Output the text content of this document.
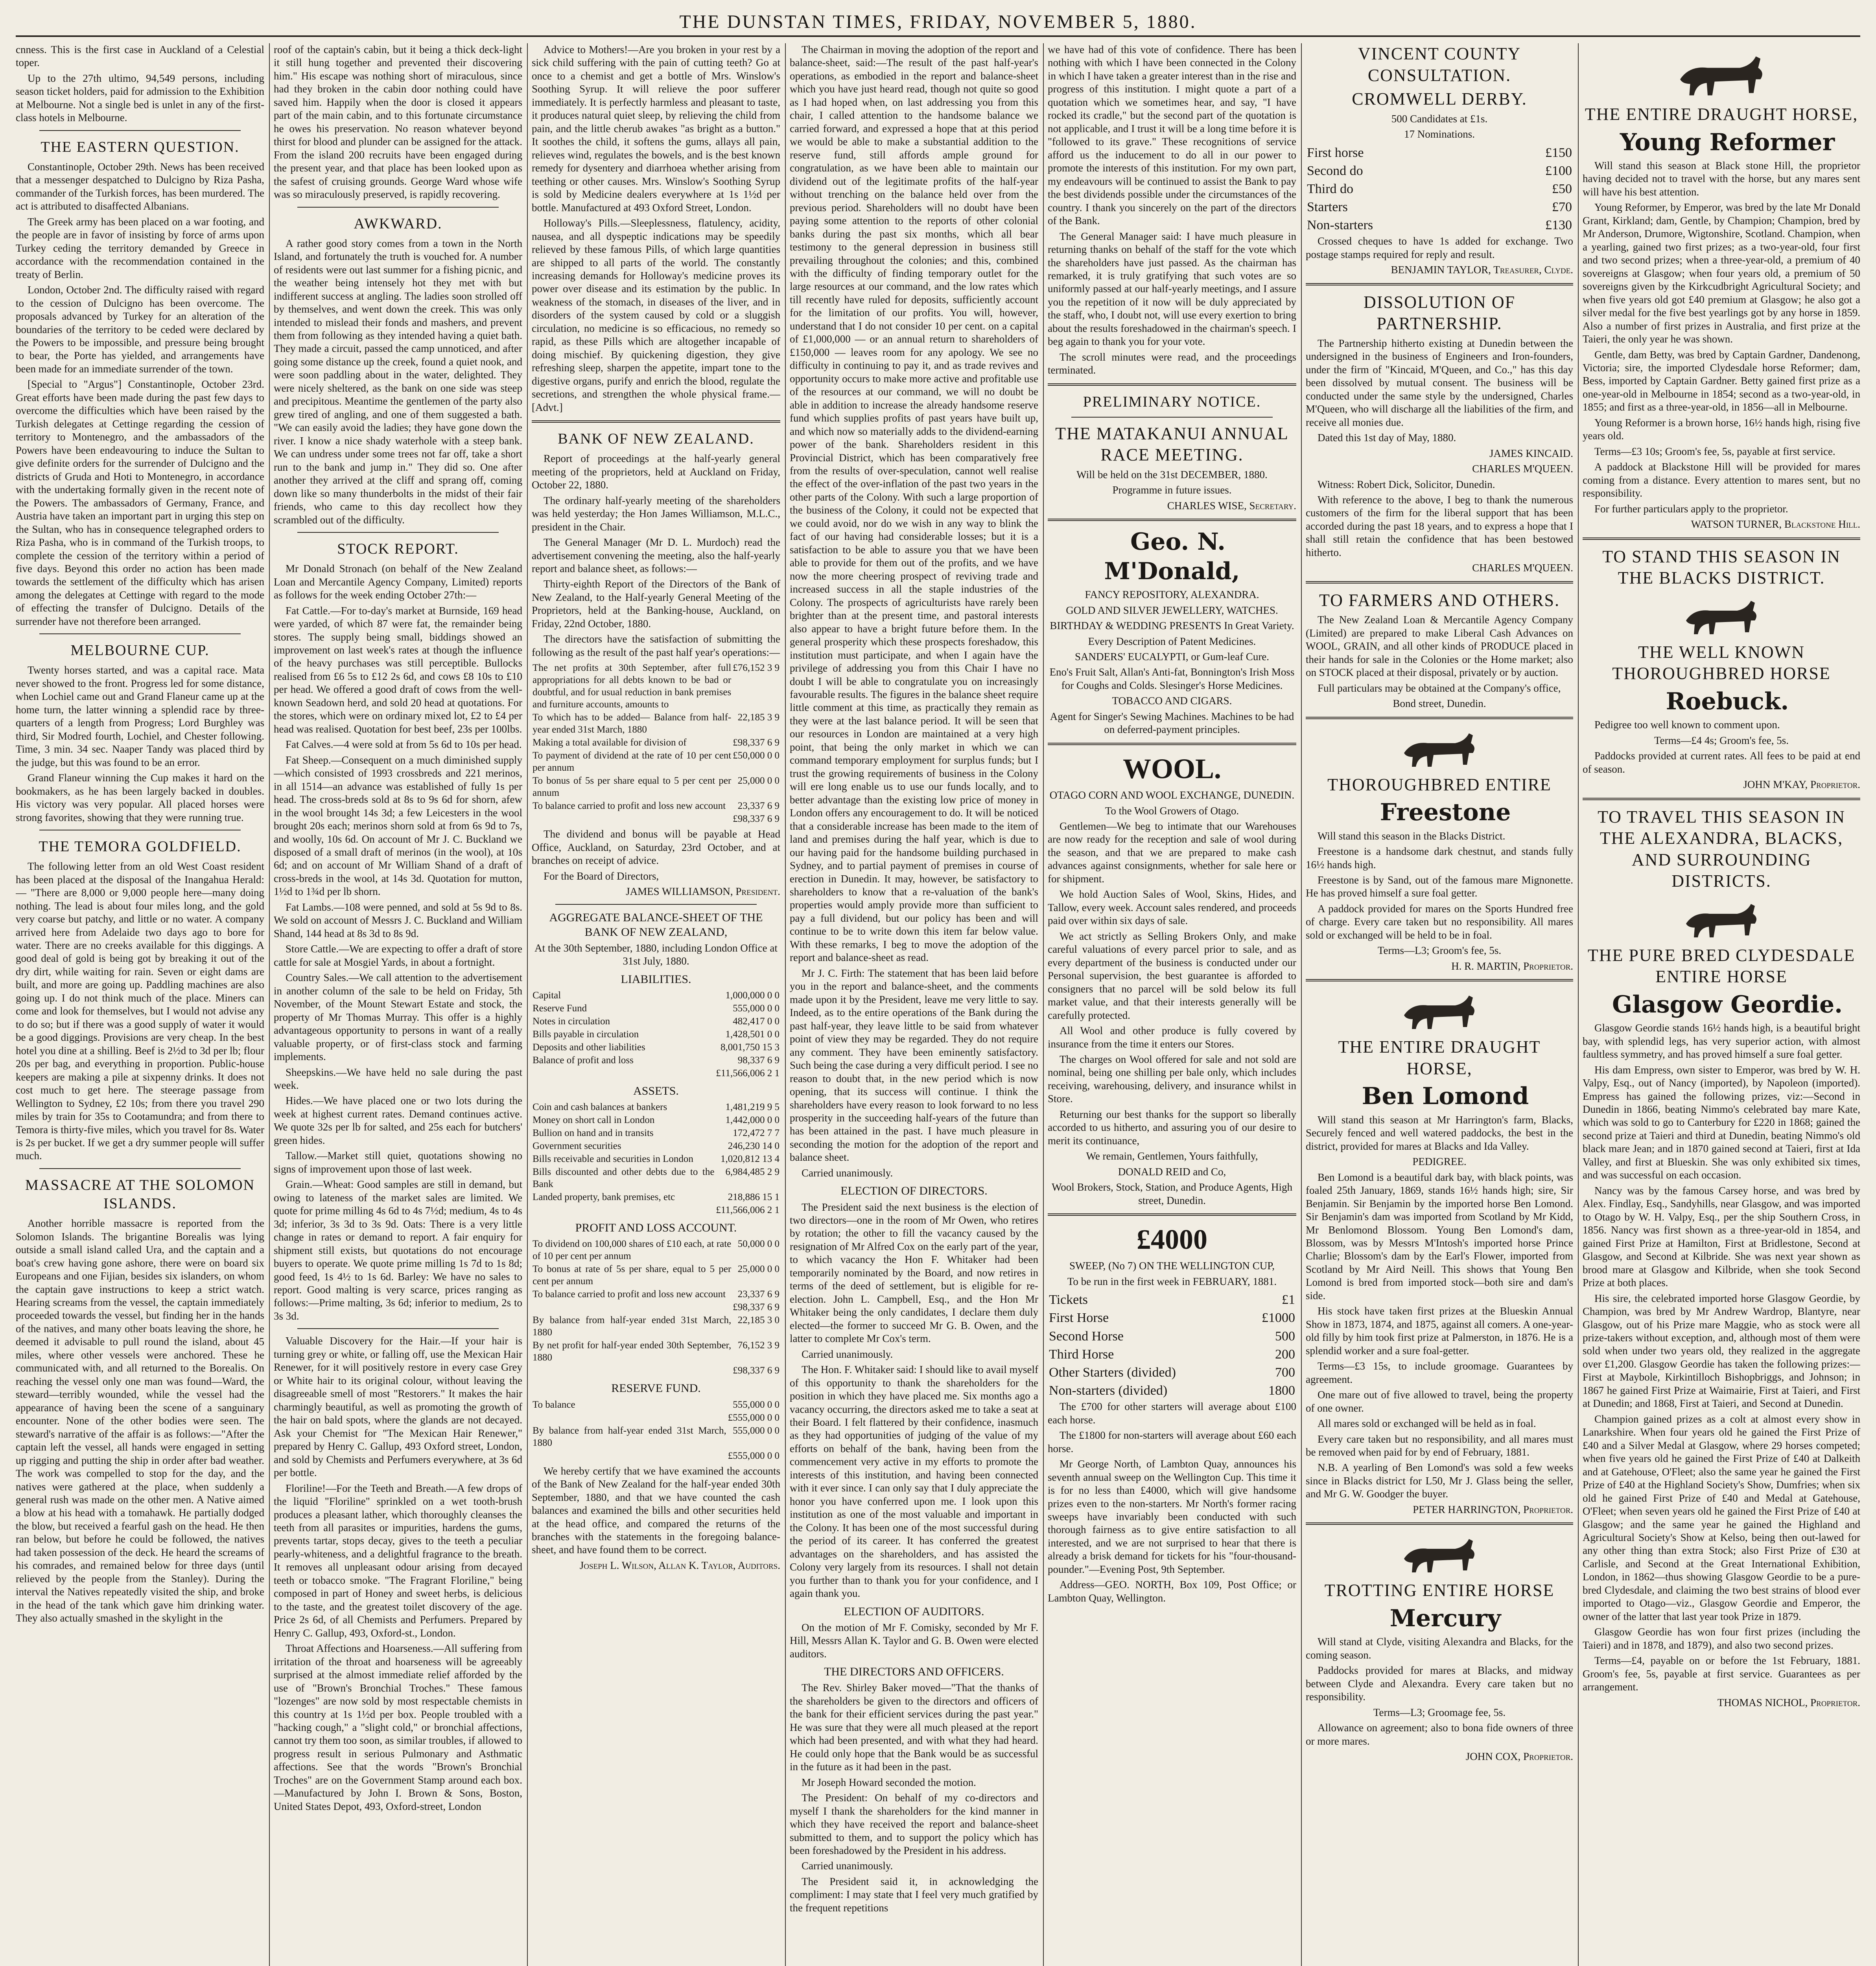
THE DUNSTAN TIMES, FRIDAY, NOVEMBER 5, 1880.

cnness. This is the first case in Auckland of a Celestial toper.

Up to the 27th ultimo, 94,549 persons, including season ticket holders, paid for admission to the Exhibition at Melbourne. Not a single bed is unlet in any of the first-class hotels in Melbourne.

THE EASTERN QUESTION.

Constantinople, October 29th. News has been received that a messenger despatched to Dulcigno by Riza Pasha, commander of the Turkish forces, has been murdered. The act is attributed to disaffected Albanians.

The Greek army has been placed on a war footing, and the people are in favor of insisting by force of arms upon Turkey ceding the territory demanded by Greece in accordance with the recommendation contained in the treaty of Berlin.

London, October 2nd. The difficulty raised with regard to the cession of Dulcigno has been overcome. The proposals advanced by Turkey for an alteration of the boundaries of the territory to be ceded were declared by the Powers to be impossible, and pressure being brought to bear, the Porte has yielded, and arrangements have been made for an immediate surrender of the town.

[Special to "Argus"] Constantinople, October 23rd. Great efforts have been made during the past few days to overcome the difficulties which have been raised by the Turkish delegates at Cettinge regarding the cession of territory to Montenegro, and the ambassadors of the Powers have been endeavouring to induce the Sultan to give definite orders for the surrender of Dulcigno and the districts of Gruda and Hoti to Montenegro, in accordance with the undertaking formally given in the recent note of the Powers. The ambassadors of Germany, France, and Austria have taken an important part in urging this step on the Sultan, who has in consequence telegraphed orders to Riza Pasha, who is in command of the Turkish troops, to complete the cession of the territory within a period of five days. Beyond this order no action has been made towards the settlement of the difficulty which has arisen among the delegates at Cettinge with regard to the mode of effecting the transfer of Dulcigno. Details of the surrender have not therefore been arranged.

MELBOURNE CUP.

Twenty horses started, and was a capital race. Mata never showed to the front. Progress led for some distance, when Lochiel came out and Grand Flaneur came up at the home turn, the latter winning a splendid race by three-quarters of a length from Progress; Lord Burghley was third, Sir Modred fourth, Lochiel, and Chester following. Time, 3 min. 34 sec. Naaper Tandy was placed third by the judge, but this was found to be an error.

Grand Flaneur winning the Cup makes it hard on the bookmakers, as he has been largely backed in doubles. His victory was very popular. All placed horses were strong favorites, showing that they were running true.

THE TEMORA GOLDFIELD.

The following letter from an old West Coast resident has been placed at the disposal of the Inangahua Herald:— "There are 8,000 or 9,000 people here—many doing nothing. The lead is about four miles long, and the gold very coarse but patchy, and little or no water. A company arrived here from Adelaide two days ago to bore for water. There are no creeks available for this diggings. A good deal of gold is being got by breaking it out of the dry dirt, while waiting for rain. Seven or eight dams are built, and more are going up. Paddling machines are also going up. I do not think much of the place. Miners can come and look for themselves, but I would not advise any to do so; but if there was a good supply of water it would be a good diggings. Provisions are very cheap. In the best hotel you dine at a shilling. Beef is 2½d to 3d per lb; flour 20s per bag, and everything in proportion. Public-house keepers are making a pile at sixpenny drinks. It does not cost much to get here. The steerage passage from Wellington to Sydney, £2 10s; from there you travel 290 miles by train for 35s to Cootamundra; and from there to Temora is thirty-five miles, which you travel for 8s. Water is 2s per bucket. If we get a dry summer people will suffer much.

MASSACRE AT THE SOLOMON ISLANDS.

Another horrible massacre is reported from the Solomon Islands. The brigantine Borealis was lying outside a small island called Ura, and the captain and a boat's crew having gone ashore, there were on board six Europeans and one Fijian, besides six islanders, on whom the captain gave instructions to keep a strict watch. Hearing screams from the vessel, the captain immediately proceeded towards the vessel, but finding her in the hands of the natives, and many other boats leaving the shore, he deemed it advisable to pull round the island, about 45 miles, where other vessels were anchored. These he communicated with, and all returned to the Borealis. On reaching the vessel only one man was found—Ward, the steward—terribly wounded, while the vessel had the appearance of having been the scene of a sanguinary encounter. None of the other bodies were seen. The steward's narrative of the affair is as follows:—"After the captain left the vessel, all hands were engaged in setting up rigging and putting the ship in order after bad weather. The work was compelled to stop for the day, and the natives were gathered at the place, when suddenly a general rush was made on the other men. A Native aimed a blow at his head with a tomahawk. He partially dodged the blow, but received a fearful gash on the head. He then ran below, but before he could be followed, the natives had taken possession of the deck. He heard the screams of his comrades, and remained below for three days (until relieved by the people from the Stanley). During the interval the Natives repeatedly visited the ship, and broke in the head of the tank which gave him drinking water. They also actually smashed in the skylight in the

roof of the captain's cabin, but it being a thick deck-light it still hung together and prevented their discovering him." His escape was nothing short of miraculous, since had they broken in the cabin door nothing could have saved him. Happily when the door is closed it appears part of the main cabin, and to this fortunate circumstance he owes his preservation. No reason whatever beyond thirst for blood and plunder can be assigned for the attack. From the island 200 recruits have been engaged during the present year, and that place has been looked upon as the safest of cruising grounds. George Ward whose wife was so miraculously preserved, is rapidly recovering.

AWKWARD.

A rather good story comes from a town in the North Island, and fortunately the truth is vouched for. A number of residents were out last summer for a fishing picnic, and the weather being intensely hot they met with but indifferent success at angling. The ladies soon strolled off by themselves, and went down the creek. This was only intended to mislead their fonds and mashers, and prevent them from following as they intended having a quiet bath. They made a circuit, passed the camp unnoticed, and after going some distance up the creek, found a quiet nook, and were soon paddling about in the water, delighted. They were nicely sheltered, as the bank on one side was steep and precipitous. Meantime the gentlemen of the party also grew tired of angling, and one of them suggested a bath. "We can easily avoid the ladies; they have gone down the river. I know a nice shady waterhole with a steep bank. We can undress under some trees not far off, take a short run to the bank and jump in." They did so. One after another they arrived at the cliff and sprang off, coming down like so many thunderbolts in the midst of their fair friends, who came to this day recollect how they scrambled out of the difficulty.

STOCK REPORT.

Mr Donald Stronach (on behalf of the New Zealand Loan and Mercantile Agency Company, Limited) reports as follows for the week ending October 27th:—

Fat Cattle.—For to-day's market at Burnside, 169 head were yarded, of which 87 were fat, the remainder being stores. The supply being small, biddings showed an improvement on last week's rates at though the influence of the heavy purchases was still perceptible. Bullocks realised from £6 5s to £12 2s 6d, and cows £8 10s to £10 per head. We offered a good draft of cows from the well-known Seadown herd, and sold 20 head at quotations. For the stores, which were on ordinary mixed lot, £2 to £4 per head was realised. Quotation for best beef, 23s per 100lbs.

Fat Calves.—4 were sold at from 5s 6d to 10s per head.

Fat Sheep.—Consequent on a much diminished supply—which consisted of 1993 crossbreds and 221 merinos, in all 1514—an advance was established of fully 1s per head. The cross-breds sold at 8s to 9s 6d for shorn, afew in the wool brought 14s 3d; a few Leicesters in the wool brought 20s each; merinos shorn sold at from 6s 9d to 7s, and woolly, 10s 6d. On account of Mr J. C. Buckland we disposed of a small draft of merinos (in the wool), at 10s 6d; and on account of Mr William Shand of a draft of cross-breds in the wool, at 14s 3d. Quotation for mutton, 1½d to 1¾d per lb shorn.

Fat Lambs.—108 were penned, and sold at 5s 9d to 8s. We sold on account of Messrs J. C. Buckland and William Shand, 144 head at 8s 3d to 8s 9d.

Store Cattle.—We are expecting to offer a draft of store cattle for sale at Mosgiel Yards, in about a fortnight.

Country Sales.—We call attention to the advertisement in another column of the sale to be held on Friday, 5th November, of the Mount Stewart Estate and stock, the property of Mr Thomas Murray. This offer is a highly advantageous opportunity to persons in want of a really valuable property, or of first-class stock and farming implements.

Sheepskins.—We have held no sale during the past week.

Hides.—We have placed one or two lots during the week at highest current rates. Demand continues active. We quote 32s per lb for salted, and 25s each for butchers' green hides.

Tallow.—Market still quiet, quotations showing no signs of improvement upon those of last week.

Grain.—Wheat: Good samples are still in demand, but owing to lateness of the market sales are limited. We quote for prime milling 4s 6d to 4s 7½d; medium, 4s to 4s 3d; inferior, 3s 3d to 3s 9d. Oats: There is a very little change in rates or demand to report. A fair enquiry for shipment still exists, but quotations do not encourage buyers to operate. We quote prime milling 1s 7d to 1s 8d; good feed, 1s 4½ to 1s 6d. Barley: We have no sales to report. Good malting is very scarce, prices ranging as follows:—Prime malting, 3s 6d; inferior to medium, 2s to 3s 3d.

Valuable Discovery for the Hair.—If your hair is turning grey or white, or falling off, use the Mexican Hair Renewer, for it will positively restore in every case Grey or White hair to its original colour, without leaving the disagreeable smell of most "Restorers." It makes the hair charmingly beautiful, as well as promoting the growth of the hair on bald spots, where the glands are not decayed. Ask your Chemist for "The Mexican Hair Renewer," prepared by Henry C. Gallup, 493 Oxford street, London, and sold by Chemists and Perfumers everywhere, at 3s 6d per bottle.

Floriline!—For the Teeth and Breath.—A few drops of the liquid "Floriline" sprinkled on a wet tooth-brush produces a pleasant lather, which thoroughly cleanses the teeth from all parasites or impurities, hardens the gums, prevents tartar, stops decay, gives to the teeth a peculiar pearly-whiteness, and a delightful fragrance to the breath. It removes all unpleasant odour arising from decayed teeth or tobacco smoke. "The Fragrant Floriline," being composed in part of Honey and sweet herbs, is delicious to the taste, and the greatest toilet discovery of the age. Price 2s 6d, of all Chemists and Perfumers. Prepared by Henry C. Gallup, 493, Oxford-st., London.

Throat Affections and Hoarseness.—All suffering from irritation of the throat and hoarseness will be agreeably surprised at the almost immediate relief afforded by the use of "Brown's Bronchial Troches." These famous "lozenges" are now sold by most respectable chemists in this country at 1s 1½d per box. People troubled with a "hacking cough," a "slight cold," or bronchial affections, cannot try them too soon, as similar troubles, if allowed to progress result in serious Pulmonary and Asthmatic affections. See that the words "Brown's Bronchial Troches" are on the Government Stamp around each box.—Manufactured by John I. Brown & Sons, Boston, United States Depot, 493, Oxford-street, London

Advice to Mothers!—Are you broken in your rest by a sick child suffering with the pain of cutting teeth? Go at once to a chemist and get a bottle of Mrs. Winslow's Soothing Syrup. It will relieve the poor sufferer immediately. It is perfectly harmless and pleasant to taste, it produces natural quiet sleep, by relieving the child from pain, and the little cherub awakes "as bright as a button." It soothes the child, it softens the gums, allays all pain, relieves wind, regulates the bowels, and is the best known remedy for dysentery and diarrhoea whether arising from teething or other causes. Mrs. Winslow's Soothing Syrup is sold by Medicine dealers everywhere at 1s 1½d per bottle. Manufactured at 493 Oxford Street, London.

Holloway's Pills.—Sleeplessness, flatulency, acidity, nausea, and all dyspeptic indications may be speedily relieved by these famous Pills, of which large quantities are shipped to all parts of the world. The constantly increasing demands for Holloway's medicine proves its power over disease and its estimation by the public. In weakness of the stomach, in diseases of the liver, and in disorders of the system caused by cold or a sluggish circulation, no medicine is so efficacious, no remedy so rapid, as these Pills which are altogether incapable of doing mischief. By quickening digestion, they give refreshing sleep, sharpen the appetite, impart tone to the digestive organs, purify and enrich the blood, regulate the secretions, and strengthen the whole physical frame.—[Advt.]

BANK OF NEW ZEALAND.

Report of proceedings at the half-yearly general meeting of the proprietors, held at Auckland on Friday, October 22, 1880.

The ordinary half-yearly meeting of the shareholders was held yesterday; the Hon James Williamson, M.L.C., president in the Chair.

The General Manager (Mr D. L. Murdoch) read the advertisement convening the meeting, also the half-yearly report and balance sheet, as follows:—

Thirty-eighth Report of the Directors of the Bank of New Zealand, to the Half-yearly General Meeting of the Proprietors, held at the Banking-house, Auckland, on Friday, 22nd October, 1880.

The directors have the satisfaction of submitting the following as the result of the past half year's operations:—

The net profits at 30th September, after full appropriations for all debts known to be bad or doubtful, and for usual reduction in bank premises and furniture accounts, amounts to	£76,152 3 9
To which has to be added— Balance from half-year ended 31st March, 1880	22,185 3 9
Making a total available for division of	£98,337 6 9
To payment of dividend at the rate of 10 per cent per annum	£50,000 0 0
To bonus of 5s per share equal to 5 per cent per annum	25,000 0 0
To balance carried to profit and loss new account	23,337 6 9
	£98,337 6 9

The dividend and bonus will be payable at Head Office, Auckland, on Saturday, 23rd October, and at branches on receipt of advice.

For the Board of Directors,

JAMES WILLIAMSON, President.

AGGREGATE BALANCE-SHEET OF THE BANK OF NEW ZEALAND,

At the 30th September, 1880, including London Office at 31st July, 1880.

LIABILITIES.
Capital	1,000,000 0 0
Reserve Fund	555,000 0 0
Notes in circulation	482,417 0 0
Bills payable in circulation	1,428,501 0 0
Deposits and other liabilities	8,001,750 15 3
Balance of profit and loss	98,337 6 9
	£11,566,006 2 1
ASSETS.
Coin and cash balances at bankers	1,481,219 9 5
Money on short call in London	1,442,000 0 0
Bullion on hand and in transits	172,472 7 7
Government securities	246,230 14 0
Bills receivable and securities in London	1,020,812 13 4
Bills discounted and other debts due to the Bank	6,984,485 2 9
Landed property, bank premises, etc	218,886 15 1
	£11,566,006 2 1
PROFIT AND LOSS ACCOUNT.
To dividend on 100,000 shares of £10 each, at rate of 10 per cent per annum	50,000 0 0
To bonus at rate of 5s per share, equal to 5 per cent per annum	25,000 0 0
To balance carried to profit and loss new account	23,337 6 9
	£98,337 6 9
By balance from half-year ended 31st March, 1880	22,185 3 0
By net profit for half-year ended 30th September, 1880	76,152 3 9
	£98,337 6 9
RESERVE FUND.
To balance	555,000 0 0
	£555,000 0 0
By balance from half-year ended 31st March, 1880	555,000 0 0
	£555,000 0 0

We hereby certify that we have examined the accounts of the Bank of New Zealand for the half-year ended 30th September, 1880, and that we have counted the cash balances and examined the bills and other securities held at the head office, and compared the returns of the branches with the statements in the foregoing balance-sheet, and have found them to be correct.

Joseph L. Wilson, Allan K. Taylor, Auditors.

The Chairman in moving the adoption of the report and balance-sheet, said:—The result of the past half-year's operations, as embodied in the report and balance-sheet which you have just heard read, though not quite so good as I had hoped when, on last addressing you from this chair, I called attention to the handsome balance we carried forward, and expressed a hope that at this period we would be able to make a substantial addition to the reserve fund, still affords ample ground for congratulation, as we have been able to maintain our dividend out of the legitimate profits of the half-year without trenching on the balance held over from the previous period. Shareholders will no doubt have been paying some attention to the reports of other colonial banks during the past six months, which all bear testimony to the general depression in business still prevailing throughout the colonies; and this, combined with the difficulty of finding temporary outlet for the large resources at our command, and the low rates which till recently have ruled for deposits, sufficiently account for the limitation of our profits. You will, however, understand that I do not consider 10 per cent. on a capital of £1,000,000 — or an annual return to shareholders of £150,000 — leaves room for any apology. We see no difficulty in continuing to pay it, and as trade revives and opportunity occurs to make more active and profitable use of the resources at our command, we will no doubt be able in addition to increase the already handsome reserve fund which supplies profits of past years have built up, and which now so materially adds to the dividend-earning power of the bank. Shareholders resident in this Provincial District, which has been comparatively free from the results of over-speculation, cannot well realise the effect of the over-inflation of the past two years in the other parts of the Colony. With such a large proportion of the business of the Colony, it could not be expected that we could avoid, nor do we wish in any way to blink the fact of our having had considerable losses; but it is a satisfaction to be able to assure you that we have been able to provide for them out of the profits, and we have now the more cheering prospect of reviving trade and increased success in all the staple industries of the Colony. The prospects of agriculturists have rarely been brighter than at the present time, and pastoral interests also appear to have a bright future before them. In the general prosperity which these prospects foreshadow, this institution must participate, and when I again have the privilege of addressing you from this Chair I have no doubt I will be able to congratulate you on increasingly favourable results. The figures in the balance sheet require little comment at this time, as practically they remain as they were at the last balance period. It will be seen that our resources in London are maintained at a very high point, that being the only market in which we can command temporary employment for surplus funds; but I trust the growing requirements of business in the Colony will ere long enable us to use our funds locally, and to better advantage than the existing low price of money in London offers any encouragement to do. It will be noticed that a considerable increase has been made to the item of land and premises during the half year, which is due to our having paid for the handsome building purchased in Sydney, and to partial payment of premises in course of erection in Dunedin. It may, however, be satisfactory to shareholders to know that a re-valuation of the bank's properties would amply provide more than sufficient to pay a full dividend, but our policy has been and will continue to be to write down this item far below value. With these remarks, I beg to move the adoption of the report and balance-sheet as read.

Mr J. C. Firth: The statement that has been laid before you in the report and balance-sheet, and the comments made upon it by the President, leave me very little to say. Indeed, as to the entire operations of the Bank during the past half-year, they leave little to be said from whatever point of view they may be regarded. They do not require any comment. They have been eminently satisfactory. Such being the case during a very difficult period. I see no reason to doubt that, in the new period which is now opening, that its success will continue. I think the shareholders have every reason to look forward to no less prosperity in the succeeding half-years of the future than has been attained in the past. I have much pleasure in seconding the motion for the adoption of the report and balance sheet.

Carried unanimously.

ELECTION OF DIRECTORS.

The President said the next business is the election of two directors—one in the room of Mr Owen, who retires by rotation; the other to fill the vacancy caused by the resignation of Mr Alfred Cox on the early part of the year, to which vacancy the Hon F. Whitaker had been temporarily nominated by the Board, and now retires in terms of the deed of settlement, but is eligible for re-election. John L. Campbell, Esq., and the Hon Mr Whitaker being the only candidates, I declare them duly elected—the former to succeed Mr G. B. Owen, and the latter to complete Mr Cox's term.

Carried unanimously.

The Hon. F. Whitaker said: I should like to avail myself of this opportunity to thank the shareholders for the position in which they have placed me. Six months ago a vacancy occurring, the directors asked me to take a seat at their Board. I felt flattered by their confidence, inasmuch as they had opportunities of judging of the value of my efforts on behalf of the bank, having been from the commencement very active in my efforts to promote the interests of this institution, and having been connected with it ever since. I can only say that I duly appreciate the honor you have conferred upon me. I look upon this institution as one of the most valuable and important in the Colony. It has been one of the most successful during the period of its career. It has conferred the greatest advantages on the shareholders, and has assisted the Colony very largely from its resources. I shall not detain you further than to thank you for your confidence, and I again thank you.

ELECTION OF AUDITORS.

On the motion of Mr F. Comisky, seconded by Mr F. Hill, Messrs Allan K. Taylor and G. B. Owen were elected auditors.

THE DIRECTORS AND OFFICERS.

The Rev. Shirley Baker moved—"That the thanks of the shareholders be given to the directors and officers of the bank for their efficient services during the past year." He was sure that they were all much pleased at the report which had been presented, and with what they had heard. He could only hope that the Bank would be as successful in the future as it had been in the past.

Mr Joseph Howard seconded the motion.

The President: On behalf of my co-directors and myself I thank the shareholders for the kind manner in which they have received the report and balance-sheet submitted to them, and to support the policy which has been foreshadowed by the President in his address.

Carried unanimously.

The President said it, in acknowledging the compliment: I may state that I feel very much gratified by the frequent repetitions

we have had of this vote of confidence. There has been nothing with which I have been connected in the Colony in which I have taken a greater interest than in the rise and progress of this institution. I might quote a part of a quotation which we sometimes hear, and say, "I have rocked its cradle," but the second part of the quotation is not applicable, and I trust it will be a long time before it is "followed to its grave." These recognitions of service afford us the inducement to do all in our power to promote the interests of this institution. For my own part, my endeavours will be continued to assist the Bank to pay the best dividends possible under the circumstances of the country. I thank you sincerely on the part of the directors of the Bank.

The General Manager said: I have much pleasure in returning thanks on behalf of the staff for the vote which the shareholders have just passed. As the chairman has remarked, it is truly gratifying that such votes are so uniformly passed at our half-yearly meetings, and I assure you the repetition of it now will be duly appreciated by the staff, who, I doubt not, will use every exertion to bring about the results foreshadowed in the chairman's speech. I beg again to thank you for your vote.

The scroll minutes were read, and the proceedings terminated.

PRELIMINARY NOTICE.

THE MATAKANUI ANNUAL RACE MEETING.

Will be held on the 31st DECEMBER, 1880.

Programme in future issues.

CHARLES WISE, Secretary.

Geo. N. M'Donald,

FANCY REPOSITORY, ALEXANDRA.

GOLD AND SILVER JEWELLERY, WATCHES.

BIRTHDAY & WEDDING PRESENTS In Great Variety.

Every Description of Patent Medicines.

SANDERS' EUCALYPTI, or Gum-leaf Cure.

Eno's Fruit Salt, Allan's Anti-fat, Bonnington's Irish Moss for Coughs and Colds. Slesinger's Horse Medicines.

TOBACCO AND CIGARS.

Agent for Singer's Sewing Machines. Machines to be had on deferred-payment principles.

WOOL.

OTAGO CORN AND WOOL EXCHANGE, DUNEDIN.

To the Wool Growers of Otago.

Gentlemen—We beg to intimate that our Warehouses are now ready for the reception and sale of wool during the season, and that we are prepared to make cash advances against consignments, whether for sale here or for shipment.

We hold Auction Sales of Wool, Skins, Hides, and Tallow, every week. Account sales rendered, and proceeds paid over within six days of sale.

We act strictly as Selling Brokers Only, and make careful valuations of every parcel prior to sale, and as every department of the business is conducted under our Personal supervision, the best guarantee is afforded to consigners that no parcel will be sold below its full market value, and that their interests generally will be carefully protected.

All Wool and other produce is fully covered by insurance from the time it enters our Stores.

The charges on Wool offered for sale and not sold are nominal, being one shilling per bale only, which includes receiving, warehousing, delivery, and insurance whilst in Store.

Returning our best thanks for the support so liberally accorded to us hitherto, and assuring you of our desire to merit its continuance,

We remain, Gentlemen, Yours faithfully,

DONALD REID and Co,

Wool Brokers, Stock, Station, and Produce Agents, High street, Dunedin.

£4000

SWEEP, (No 7) ON THE WELLINGTON CUP,

To be run in the first week in FEBRUARY, 1881.

Tickets	£1
First Horse	£1000
Second Horse	500
Third Horse	200
Other Starters (divided)	700
Non-starters (divided)	1800

The £700 for other starters will average about £100 each horse.

The £1800 for non-starters will average about £60 each horse.

Mr George North, of Lambton Quay, announces his seventh annual sweep on the Wellington Cup. This time it is for no less than £4000, which will give handsome prizes even to the non-starters. Mr North's former racing sweeps have invariably been conducted with such thorough fairness as to give entire satisfaction to all interested, and we are not surprised to hear that there is already a brisk demand for tickets for his "four-thousand-pounder."—Evening Post, 9th September.

Address—GEO. NORTH, Box 109, Post Office; or Lambton Quay, Wellington.

VINCENT COUNTY CONSULTATION.

CROMWELL DERBY.

500 Candidates at £1s.

17 Nominations.

First horse	£150
Second do	£100
Third do	£50
Starters	£70
Non-starters	£130

Crossed cheques to have 1s added for exchange. Two postage stamps required for reply and result.

BENJAMIN TAYLOR, Treasurer, Clyde.

DISSOLUTION OF PARTNERSHIP.

The Partnership hitherto existing at Dunedin between the undersigned in the business of Engineers and Iron-founders, under the firm of "Kincaid, M'Queen, and Co.," has this day been dissolved by mutual consent. The business will be conducted under the same style by the undersigned, Charles M'Queen, who will discharge all the liabilities of the firm, and receive all monies due.

Dated this 1st day of May, 1880.

JAMES KINCAID.

CHARLES M'QUEEN.

Witness: Robert Dick, Solicitor, Dunedin.

With reference to the above, I beg to thank the numerous customers of the firm for the liberal support that has been accorded during the past 18 years, and to express a hope that I shall still retain the confidence that has been bestowed hitherto.

CHARLES M'QUEEN.

TO FARMERS AND OTHERS.

The New Zealand Loan & Mercantile Agency Company (Limited) are prepared to make Liberal Cash Advances on WOOL, GRAIN, and all other kinds of PRODUCE placed in their hands for sale in the Colonies or the Home market; also on STOCK placed at their disposal, privately or by auction.

Full particulars may be obtained at the Company's office,

Bond street, Dunedin.

THOROUGHBRED ENTIRE

Freestone

Will stand this season in the Blacks District.

Freestone is a handsome dark chestnut, and stands fully 16½ hands high.

Freestone is by Sand, out of the famous mare Mignonette. He has proved himself a sure foal getter.

A paddock provided for mares on the Sports Hundred free of charge. Every care taken but no responsibility. All mares sold or exchanged will be held to be in foal.

Terms—L3; Groom's fee, 5s.

H. R. MARTIN, Proprietor.

THE ENTIRE DRAUGHT HORSE,

Ben Lomond

Will stand this season at Mr Harrington's farm, Blacks, Securely fenced and well watered paddocks, the best in the district, provided for mares at Blacks and Ida Valley.

PEDIGREE.

Ben Lomond is a beautiful dark bay, with black points, was foaled 25th January, 1869, stands 16½ hands high; sire, Sir Benjamin. Sir Benjamin by the imported horse Ben Lomond. Sir Benjamin's dam was imported from Scotland by Mr Kidd, Mr Benlomond Blossom. Young Ben Lomond's dam, Blossom, was by Messrs M'Intosh's imported horse Prince Charlie; Blossom's dam by the Earl's Flower, imported from Scotland by Mr Aird Neill. This shows that Young Ben Lomond is bred from imported stock—both sire and dam's side.

His stock have taken first prizes at the Blueskin Annual Show in 1873, 1874, and 1875, against all comers. A one-year-old filly by him took first prize at Palmerston, in 1876. He is a splendid worker and a sure foal-getter.

Terms—£3 15s, to include groomage. Guarantees by agreement.

One mare out of five allowed to travel, being the property of one owner.

All mares sold or exchanged will be held as in foal.

Every care taken but no responsibility, and all mares must be removed when paid for by end of February, 1881.

N.B. A yearling of Ben Lomond's was sold a few weeks since in Blacks district for L50, Mr J. Glass being the seller, and Mr G. W. Goodger the buyer.

PETER HARRINGTON, Proprietor.

TROTTING ENTIRE HORSE

Mercury

Will stand at Clyde, visiting Alexandra and Blacks, for the coming season.

Paddocks provided for mares at Blacks, and midway between Clyde and Alexandra. Every care taken but no responsibility.

Terms—L3; Groomage fee, 5s.

Allowance on agreement; also to bona fide owners of three or more mares.

JOHN COX, Proprietor.

THE ENTIRE DRAUGHT HORSE,

Young Reformer

Will stand this season at Black stone Hill, the proprietor having decided not to travel with the horse, but any mares sent will have his best attention.

Young Reformer, by Emperor, was bred by the late Mr Donald Grant, Kirkland; dam, Gentle, by Champion; Champion, bred by Mr Anderson, Drumore, Wigtonshire, Scotland. Champion, when a yearling, gained two first prizes; as a two-year-old, four first and two second prizes; when a three-year-old, a premium of 40 sovereigns at Glasgow; when four years old, a premium of 50 sovereigns given by the Kirkcudbright Agricultural Society; and when five years old got £40 premium at Glasgow; he also got a silver medal for the five best yearlings got by any horse in 1859. Also a number of first prizes in Australia, and first prize at the Taieri, the only year he was shown.

Gentle, dam Betty, was bred by Captain Gardner, Dandenong, Victoria; sire, the imported Clydesdale horse Reformer; dam, Bess, imported by Captain Gardner. Betty gained first prize as a one-year-old in Melbourne in 1854; second as a two-year-old, in 1855; and first as a three-year-old, in 1856—all in Melbourne.

Young Reformer is a brown horse, 16½ hands high, rising five years old.

Terms—£3 10s; Groom's fee, 5s, payable at first service.

A paddock at Blackstone Hill will be provided for mares coming from a distance. Every attention to mares sent, but no responsibility.

For further particulars apply to the proprietor.

WATSON TURNER, Blackstone Hill.

TO STAND THIS SEASON IN THE BLACKS DISTRICT.

THE WELL KNOWN THOROUGHBRED HORSE

Roebuck.

Pedigree too well known to comment upon.

Terms—£4 4s; Groom's fee, 5s.

Paddocks provided at current rates. All fees to be paid at end of season.

JOHN M'KAY, Proprietor.

TO TRAVEL THIS SEASON IN THE ALEXANDRA, BLACKS, AND SURROUNDING DISTRICTS.

THE PURE BRED CLYDESDALE ENTIRE HORSE

Glasgow Geordie.

Glasgow Geordie stands 16½ hands high, is a beautiful bright bay, with splendid legs, has very superior action, with almost faultless symmetry, and has proved himself a sure foal getter.

His dam Empress, own sister to Emperor, was bred by W. H. Valpy, Esq., out of Nancy (imported), by Napoleon (imported). Empress has gained the following prizes, viz:—Second in Dunedin in 1866, beating Nimmo's celebrated bay mare Kate, which was sold to go to Canterbury for £220 in 1868; gained the second prize at Taieri and third at Dunedin, beating Nimmo's old black mare Jean; and in 1870 gained second at Taieri, first at Ida Valley, and first at Blueskin. She was only exhibited six times, and was successful on each occasion.

Nancy was by the famous Carsey horse, and was bred by Alex. Findlay, Esq., Sandyhills, near Glasgow, and was imported to Otago by W. H. Valpy, Esq., per the ship Southern Cross, in 1856. Nancy was first shown as a three-year-old in 1854, and gained First Prize at Hamilton, First at Bridlestone, Second at Glasgow, and Second at Kilbride. She was next year shown as brood mare at Glasgow and Kilbride, when she took Second Prize at both places.

His sire, the celebrated imported horse Glasgow Geordie, by Champion, was bred by Mr Andrew Wardrop, Blantyre, near Glasgow, out of his Prize mare Maggie, who as stock were all prize-takers without exception, and, although most of them were sold when under two years old, they realized in the aggregate over £1,200. Glasgow Geordie has taken the following prizes:—First at Maybole, Kirkintilloch Bishopbriggs, and Johnson; in 1867 he gained First Prize at Waimairie, First at Taieri, and First at Dunedin; and 1868, First at Taieri, and Second at Dunedin.

Champion gained prizes as a colt at almost every show in Lanarkshire. When four years old he gained the First Prize of £40 and a Silver Medal at Glasgow, where 29 horses competed; when five years old he gained the First Prize of £40 at Dalkeith and at Gatehouse, O'Fleet; also the same year he gained the First Prize of £40 at the Highland Society's Show, Dumfries; when six old he gained First Prize of £40 and Medal at Gatehouse, O'Fleet; when seven years old he gained the First Prize of £40 at Glasgow; and the same year he gained the Highland and Agricultural Society's Show at Kelso, being then out-lawed for any other thing than extra Stock; also First Prize of £30 at Carlisle, and Second at the Great International Exhibition, London, in 1862—thus showing Glasgow Geordie to be a pure-bred Clydesdale, and claiming the two best strains of blood ever imported to Otago—viz., Glasgow Geordie and Emperor, the owner of the latter that last year took Prize in 1879.

Glasgow Geordie has won four first prizes (including the Taieri) and in 1878, and 1879), and also two second prizes.

Terms—£4, payable on or before the 1st February, 1881. Groom's fee, 5s, payable at first service. Guarantees as per arrangement.

THOMAS NICHOL, Proprietor.
